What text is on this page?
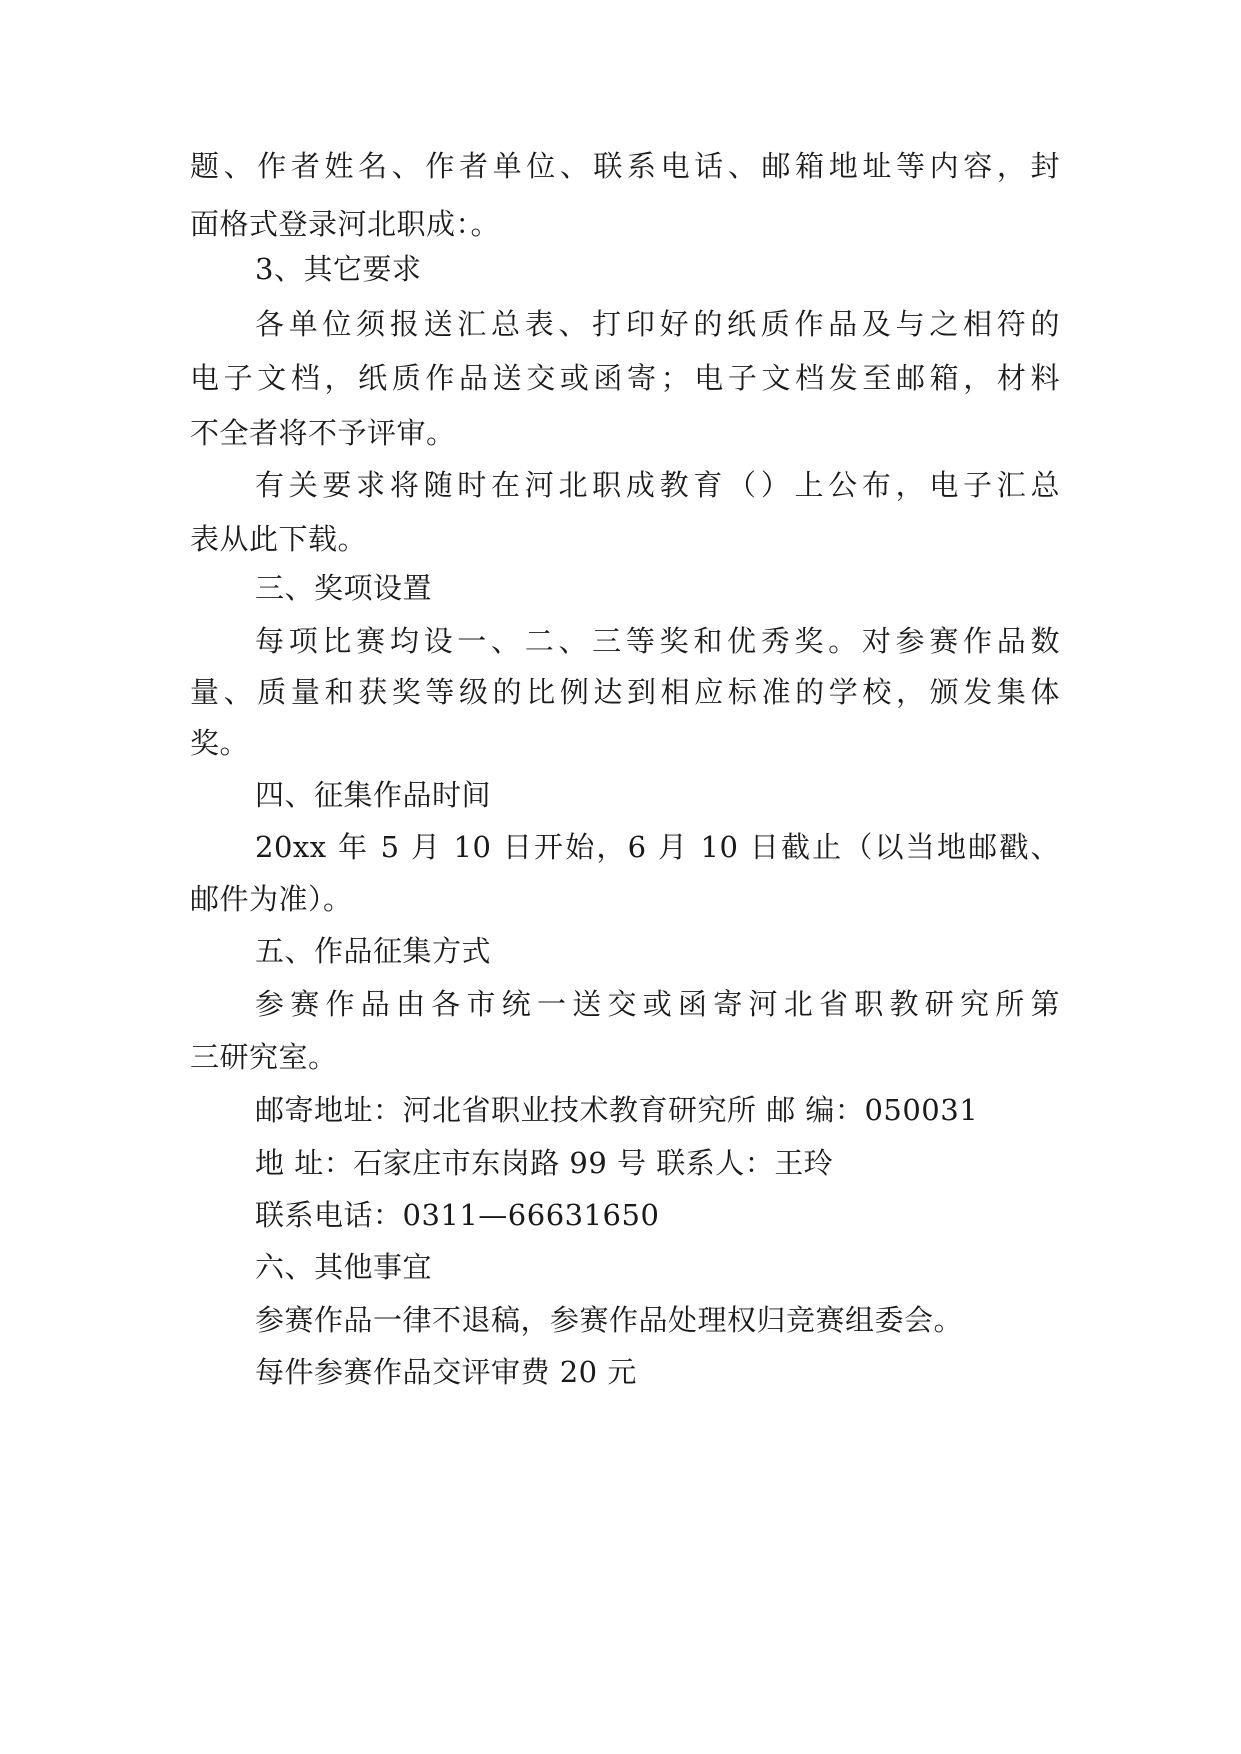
题、作者姓名、作者单位、联系电话、邮箱地址等内容，封
面格式登录河北职成：。
3、其它要求
各单位须报送汇总表、打印好的纸质作品及与之相符的
电子文档，纸质作品送交或函寄；电子文档发至邮箱，材料
不全者将不予评审。
有关要求将随时在河北职成教育（）上公布，电子汇总
表从此下载。
三、奖项设置
每项比赛均设一、二、三等奖和优秀奖。对参赛作品数
量、质量和获奖等级的比例达到相应标准的学校，颁发集体
奖。
四、征集作品时间
20xx 年 5 月 10 日开始，6 月 10 日截止（以当地邮戳、
邮件为准）。
五、作品征集方式
参赛作品由各市统一送交或函寄河北省职教研究所第
三研究室。
邮寄地址：河北省职业技术教育研究所 邮 编：050031
地 址：石家庄市东岗路 99 号 联系人：王玲
联系电话：0311—66631650
六、其他事宜
参赛作品一律不退稿，参赛作品处理权归竞赛组委会。
每件参赛作品交评审费 20 元
